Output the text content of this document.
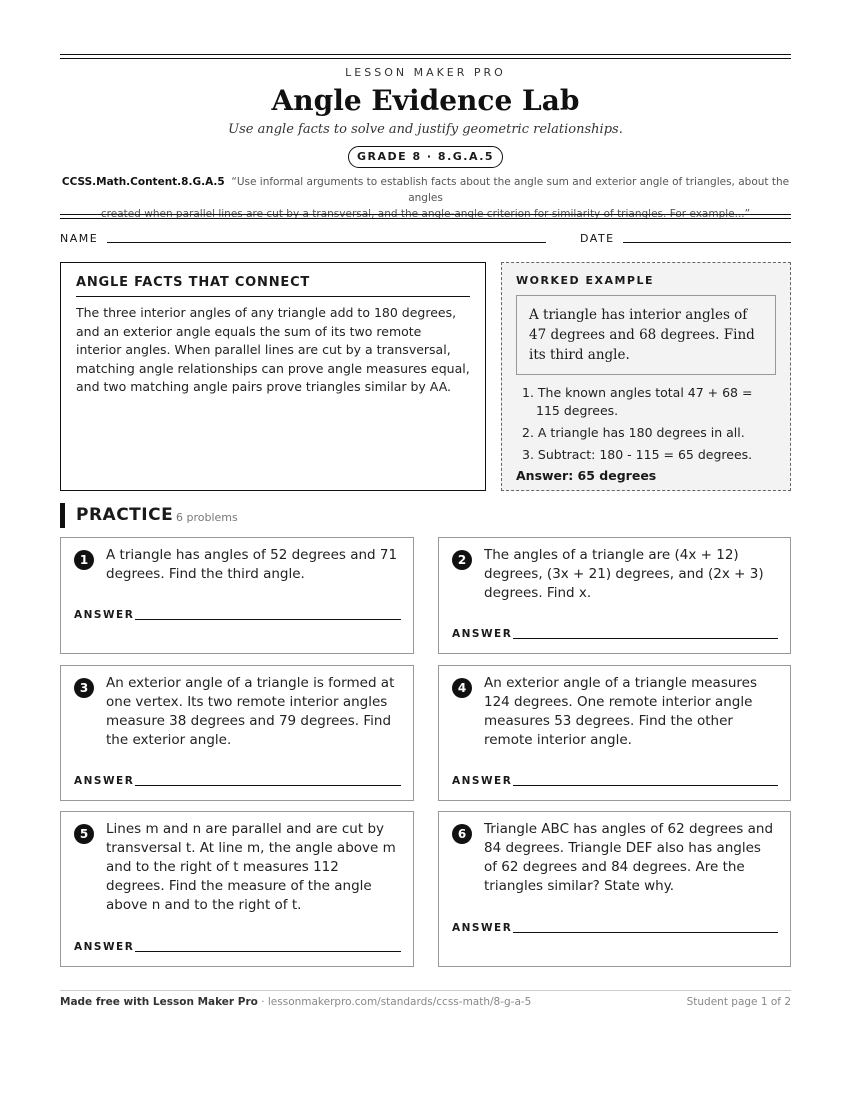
LESSON MAKER PRO
Angle Evidence Lab
Use angle facts to solve and justify geometric relationships.
GRADE 8 · 8.G.A.5
CCSS.Math.Content.8.G.A.5 “Use informal arguments to establish facts about the angle sum and exterior angle of triangles, about the angles
created when parallel lines are cut by a transversal, and the angle-angle criterion for similarity of triangles. For example...”
NAME	DATE
ANGLE FACTS THAT CONNECT
The three interior angles of any triangle add to 180 degrees, and an exterior angle equals the sum of its two remote interior angles. When parallel lines are cut by a transversal, matching angle relationships can prove angle measures equal, and two matching angle pairs prove triangles similar by AA.
WORKED EXAMPLE
A triangle has interior angles of 47 degrees and 68 degrees. Find its third angle.
1. The known angles total 47 + 68 = 115 degrees.
2. A triangle has 180 degrees in all.
3. Subtract: 180 - 115 = 65 degrees.
Answer: 65 degrees
PRACTICE 6 problems
1	A triangle has angles of 52 degrees and 71 degrees. Find the third angle.
ANSWER
2	The angles of a triangle are (4x + 12) degrees, (3x + 21) degrees, and (2x + 3) degrees. Find x.
ANSWER
3	An exterior angle of a triangle is formed at one vertex. Its two remote interior angles measure 38 degrees and 79 degrees. Find the exterior angle.
ANSWER
4	An exterior angle of a triangle measures 124 degrees. One remote interior angle measures 53 degrees. Find the other remote interior angle.
ANSWER
5	Lines m and n are parallel and are cut by transversal t. At line m, the angle above m and to the right of t measures 112 degrees. Find the measure of the angle above n and to the right of t.
ANSWER
6	Triangle ABC has angles of 62 degrees and 84 degrees. Triangle DEF also has angles of 62 degrees and 84 degrees. Are the triangles similar? State why.
ANSWER
Made free with Lesson Maker Pro · lessonmakerpro.com/standards/ccss-math/8-g-a-5	Student page 1 of 2
